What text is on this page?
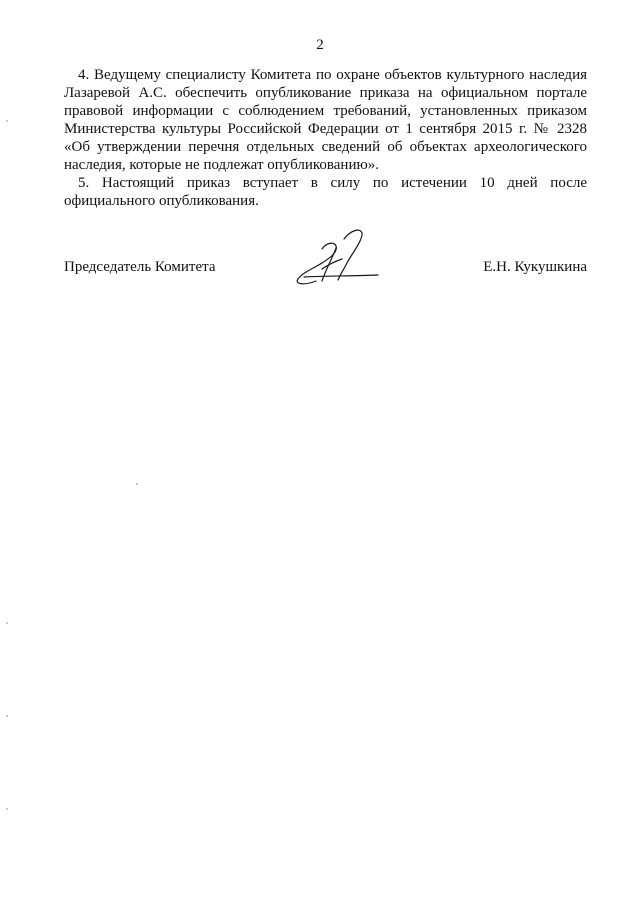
2

4. Ведущему специалисту Комитета по охране объектов культурного наследия Лазаревой А.С. обеспечить опубликование приказа на официальном портале правовой информации с соблюдением требований, установленных приказом Министерства культуры Российской Федерации от 1 сентября 2015 г. № 2328 «Об утверждении перечня отдельных сведений об объектах археологического наследия, которые не подлежат опубликованию».

5. Настоящий приказ вступает в силу по истечении 10 дней после официального опубликования.

Председатель Комитета	Е.Н. Кукушкина
